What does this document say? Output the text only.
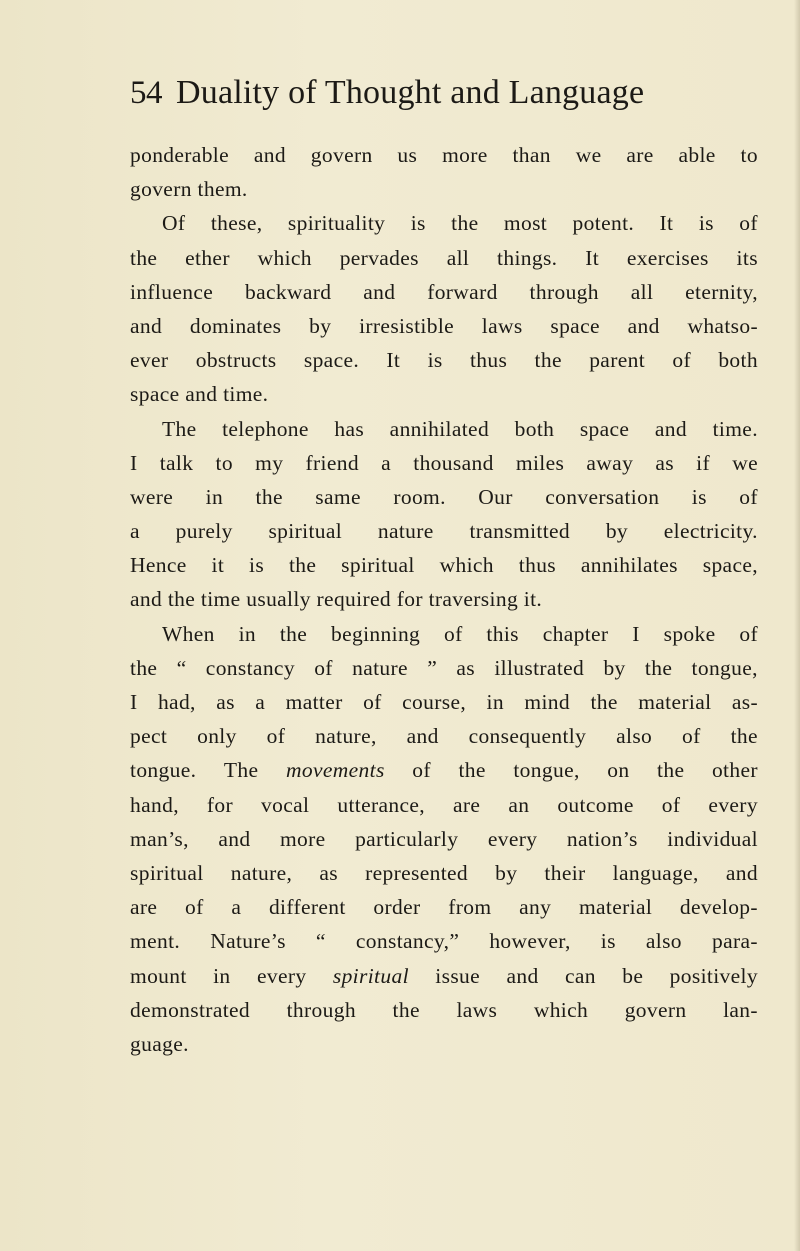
54 Duality of Thought and Language
ponderable and govern us more than we are able to
govern them.
Of these, spirituality is the most potent. It is of
the ether which pervades all things. It exercises its
influence backward and forward through all eternity,
and dominates by irresistible laws space and whatso-
ever obstructs space. It is thus the parent of both
space and time.
The telephone has annihilated both space and time.
I talk to my friend a thousand miles away as if we
were in the same room. Our conversation is of
a purely spiritual nature transmitted by electricity.
Hence it is the spiritual which thus annihilates space,
and the time usually required for traversing it.
When in the beginning of this chapter I spoke of
the “ constancy of nature ” as illustrated by the tongue,
I had, as a matter of course, in mind the material as-
pect only of nature, and consequently also of the
tongue. The movements of the tongue, on the other
hand, for vocal utterance, are an outcome of every
man’s, and more particularly every nation’s individual
spiritual nature, as represented by their language, and
are of a different order from any material develop-
ment. Nature’s “ constancy,” however, is also para-
mount in every spiritual issue and can be positively
demonstrated through the laws which govern lan-
guage.
